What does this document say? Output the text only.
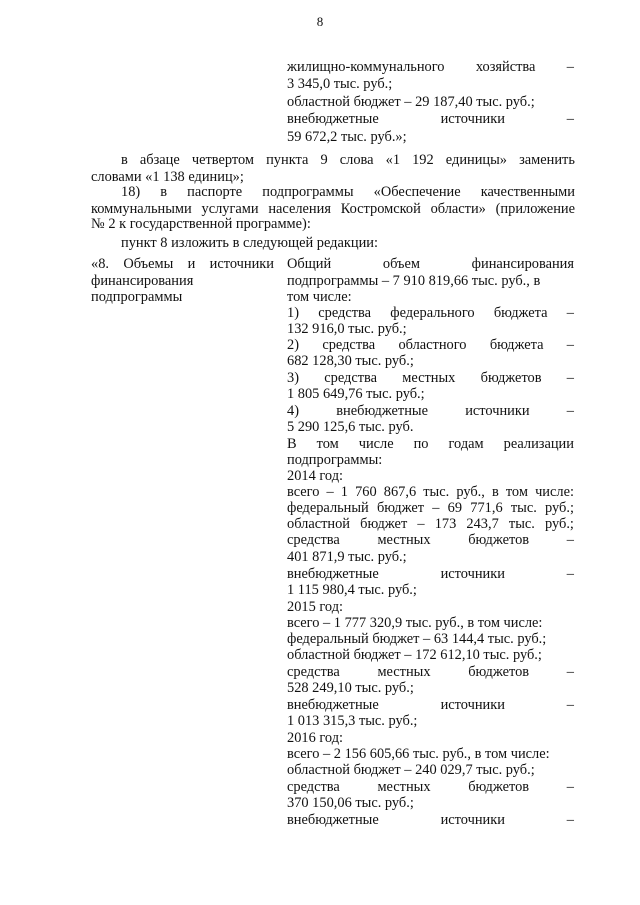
8
жилищно-коммунального хозяйства –
3 345,0 тыс. руб.;
областной бюджет – 29 187,40 тыс. руб.;
внебюджетные	источники	–
59 672,2 тыс. руб.»;
в абзаце четвертом пункта 9 слова «1 192 единицы» заменить
словами «1 138 единиц»;
18) в паспорте подпрограммы «Обеспечение качественными
коммунальными услугами населения Костромской области» (приложение
№ 2 к государственной программе):
пункт 8 изложить в следующей редакции:
«8. Объемы и источники
финансирования
подпрограммы
Общий	объем	финансирования
подпрограммы – 7 910 819,66 тыс. руб., в
том числе:
1) средства федерального бюджета –
132 916,0 тыс. руб.;
2) средства областного бюджета –
682 128,30 тыс. руб.;
3) средства местных бюджетов –
1 805 649,76 тыс. руб.;
4)	внебюджетные	источники	–
5 290 125,6 тыс. руб.
В том числе по годам реализации
подпрограммы:
2014 год:
всего – 1 760 867,6 тыс. руб., в том числе:
федеральный бюджет – 69 771,6 тыс. руб.;
областной бюджет – 173 243,7 тыс. руб.;
средства	местных	бюджетов	–
401 871,9 тыс. руб.;
внебюджетные	источники	–
1 115 980,4 тыс. руб.;
2015 год:
всего – 1 777 320,9 тыс. руб., в том числе:
федеральный бюджет – 63 144,4 тыс. руб.;
областной бюджет – 172 612,10 тыс. руб.;
средства	местных	бюджетов	–
528 249,10 тыс. руб.;
внебюджетные	источники	–
1 013 315,3 тыс. руб.;
2016 год:
всего – 2 156 605,66 тыс. руб., в том числе:
областной бюджет – 240 029,7 тыс. руб.;
средства	местных	бюджетов	–
370 150,06 тыс. руб.;
внебюджетные	источники	–
